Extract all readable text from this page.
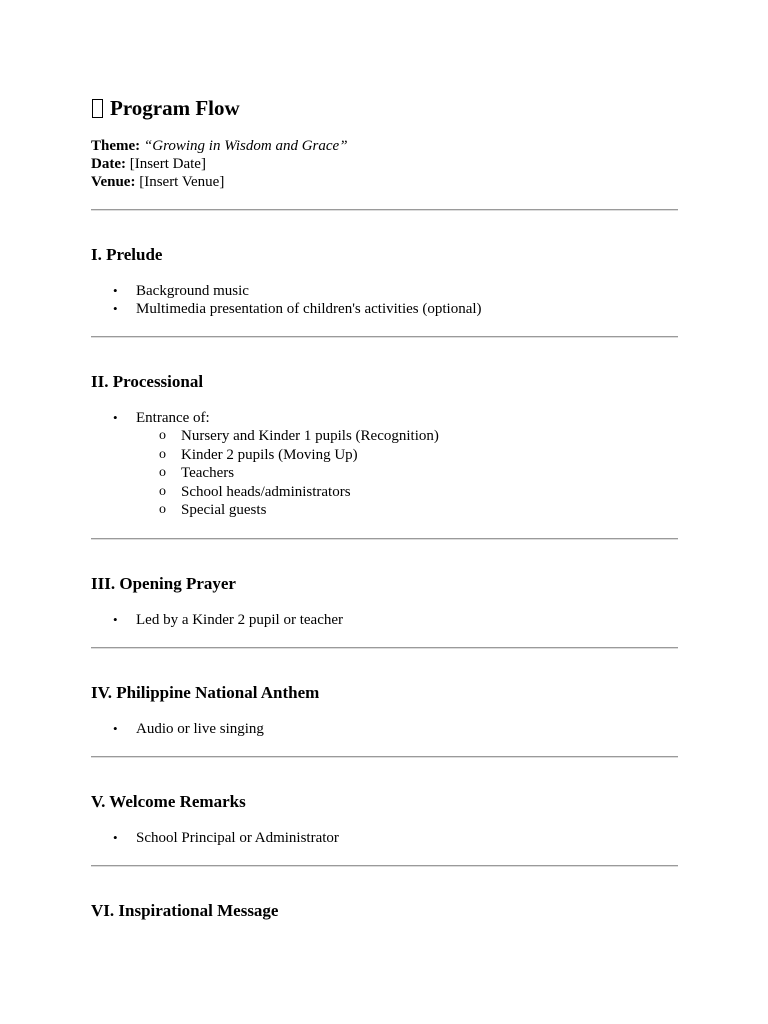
Program Flow
Theme: “Growing in Wisdom and Grace”
Date: [Insert Date]
Venue: [Insert Venue]
I. Prelude
• Background music
• Multimedia presentation of children's activities (optional)
II. Processional
• Entrance of:
o Nursery and Kinder 1 pupils (Recognition)
o Kinder 2 pupils (Moving Up)
o Teachers
o School heads/administrators
o Special guests
III. Opening Prayer
• Led by a Kinder 2 pupil or teacher
IV. Philippine National Anthem
• Audio or live singing
V. Welcome Remarks
• School Principal or Administrator
VI. Inspirational Message
